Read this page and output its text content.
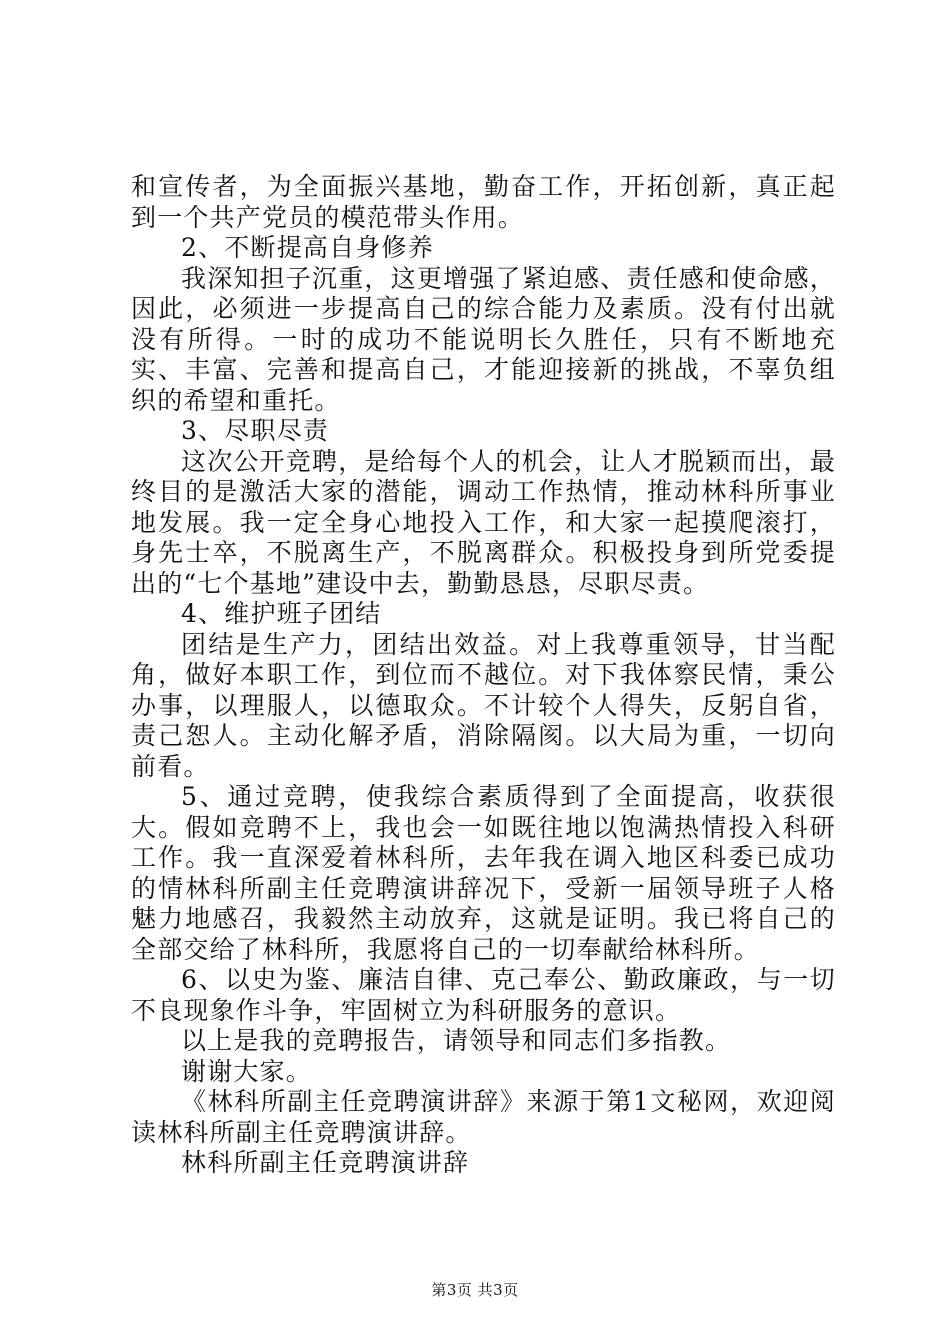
和宣传者，为全面振兴基地，勤奋工作，开拓创新，真正起到一个共产党员的模范带头作用。

2、不断提高自身修养

我深知担子沉重，这更增强了紧迫感、责任感和使命感，因此，必须进一步提高自己的综合能力及素质。没有付出就没有所得。一时的成功不能说明长久胜任，只有不断地充实、丰富、完善和提高自己，才能迎接新的挑战，不辜负组织的希望和重托。

3、尽职尽责

这次公开竞聘，是给每个人的机会，让人才脱颖而出，最终目的是激活大家的潜能，调动工作热情，推动林科所事业地发展。我一定全身心地投入工作，和大家一起摸爬滚打，身先士卒，不脱离生产，不脱离群众。积极投身到所党委提出的“七个基地”建设中去，勤勤恳恳，尽职尽责。

4、维护班子团结

团结是生产力，团结出效益。对上我尊重领导，甘当配角，做好本职工作，到位而不越位。对下我体察民情，秉公办事，以理服人，以德取众。不计较个人得失，反躬自省，责己恕人。主动化解矛盾，消除隔阂。以大局为重，一切向前看。

5、通过竞聘，使我综合素质得到了全面提高，收获很大。假如竞聘不上，我也会一如既往地以饱满热情投入科研工作。我一直深爱着林科所，去年我在调入地区科委已成功的情林科所副主任竞聘演讲辞况下，受新一届领导班子人格魅力地感召，我毅然主动放弃，这就是证明。我已将自己的全部交给了林科所，我愿将自己的一切奉献给林科所。

6、以史为鉴、廉洁自律、克己奉公、勤政廉政，与一切不良现象作斗争，牢固树立为科研服务的意识。

以上是我的竞聘报告，请领导和同志们多指教。

谢谢大家。

《林科所副主任竞聘演讲辞》来源于第1文秘网，欢迎阅读林科所副主任竞聘演讲辞。

林科所副主任竞聘演讲辞

第3页 共3页
